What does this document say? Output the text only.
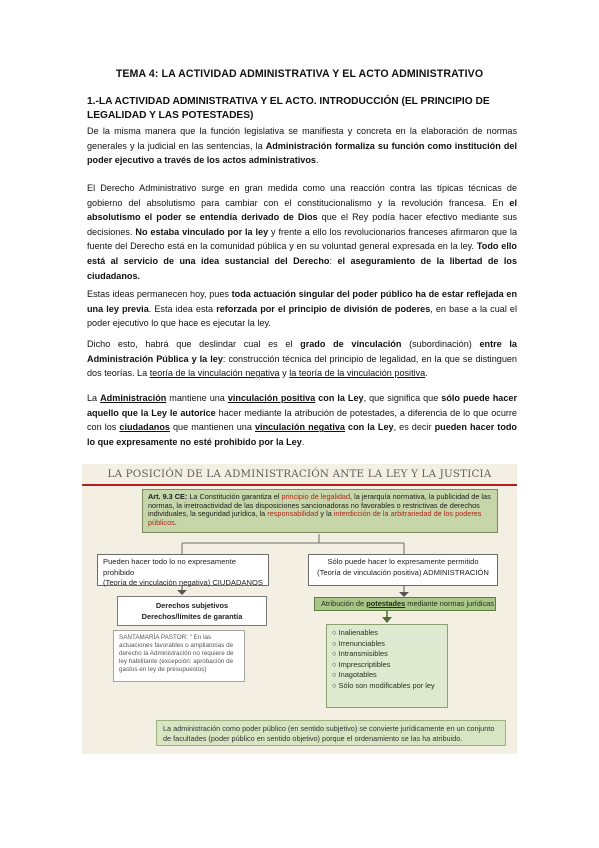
TEMA 4: LA ACTIVIDAD ADMINISTRATIVA Y EL ACTO ADMINISTRATIVO
1.-LA ACTIVIDAD ADMINISTRATIVA Y EL ACTO. INTRODUCCIÓN (EL PRINCIPIO DE LEGALIDAD Y LAS POTESTADES)
De la misma manera que la función legislativa se manifiesta y concreta en la elaboración de normas generales y la judicial en las sentencias, la Administración formaliza su función como institución del poder ejecutivo a través de los actos administrativos.
El Derecho Administrativo surge en gran medida como una reacción contra las típicas técnicas de gobierno del absolutismo para cambiar con el constitucionalismo y la revolución francesa. En el absolutismo el poder se entendía derivado de Dios que el Rey podía hacer efectivo mediante sus decisiones. No estaba vinculado por la ley y frente a ello los revolucionarios franceses afirmaron que la fuente del Derecho está en la comunidad pública y en su voluntad general expresada en la ley. Todo ello está al servicio de una idea sustancial del Derecho: el aseguramiento de la libertad de los ciudadanos.
Estas ideas permanecen hoy, pues toda actuación singular del poder público ha de estar reflejada en una ley previa. Esta idea esta reforzada por el principio de división de poderes, en base a la cual el poder ejecutivo lo que hace es ejecutar la ley.
Dicho esto, habrá que deslindar cual es el grado de vinculación (subordinación) entre la Administración Pública y la ley: construcción técnica del principio de legalidad, en la que se distinguen dos teorías. La teoría de la vinculación negativa y la teoría de la vinculación positiva.
La Administración mantiene una vinculación positiva con la Ley, que significa que sólo puede hacer aquello que la Ley le autorice hacer mediante la atribución de potestades, a diferencia de lo que ocurre con los ciudadanos que mantienen una vinculación negativa con la Ley, es decir pueden hacer todo lo que expresamente no esté prohibido por la Ley.
LA POSICIÓN DE LA ADMINISTRACIÓN ANTE LA LEY Y LA JUSTICIA
Art. 9.3 CE: La Constitución garantiza el principio de legalidad, la jerarquía normativa, la publicidad de las normas, la irretroactividad de las disposiciones sancionadoras no favorables o restrictivas de derechos individuales, la seguridad jurídica, la responsabilidad y la interdicción de la arbitrariedad de los poderes públicos.
Pueden hacer todo lo no expresamente prohibido
(Teoría de vinculación negativa) CIUDADANOS
Sólo puede hacer lo expresamente permitido
(Teoría de vinculación positiva) ADMINISTRACIÓN
Derechos subjetivos
Derechos/límites de garantía
Atribución de potestades mediante normas jurídicas
○ Inalienables
○ Irrenunciables
○ Intransmisibles
○ Imprescriptibles
○ Inagotables
○ Sólo son modificables por ley
SANTAMARÍA PASTOR: " En las actuaciones favorables o ampliatorias de derecho la Administración no requiere de ley habilitante (excepción: aprobación de gastos en ley de presupuestos)
La administración como poder público (en sentido subjetivo) se convierte jurídicamente en un conjunto de facultades (poder público en sentido objetivo) porque el ordenamiento se las ha atribuido.
